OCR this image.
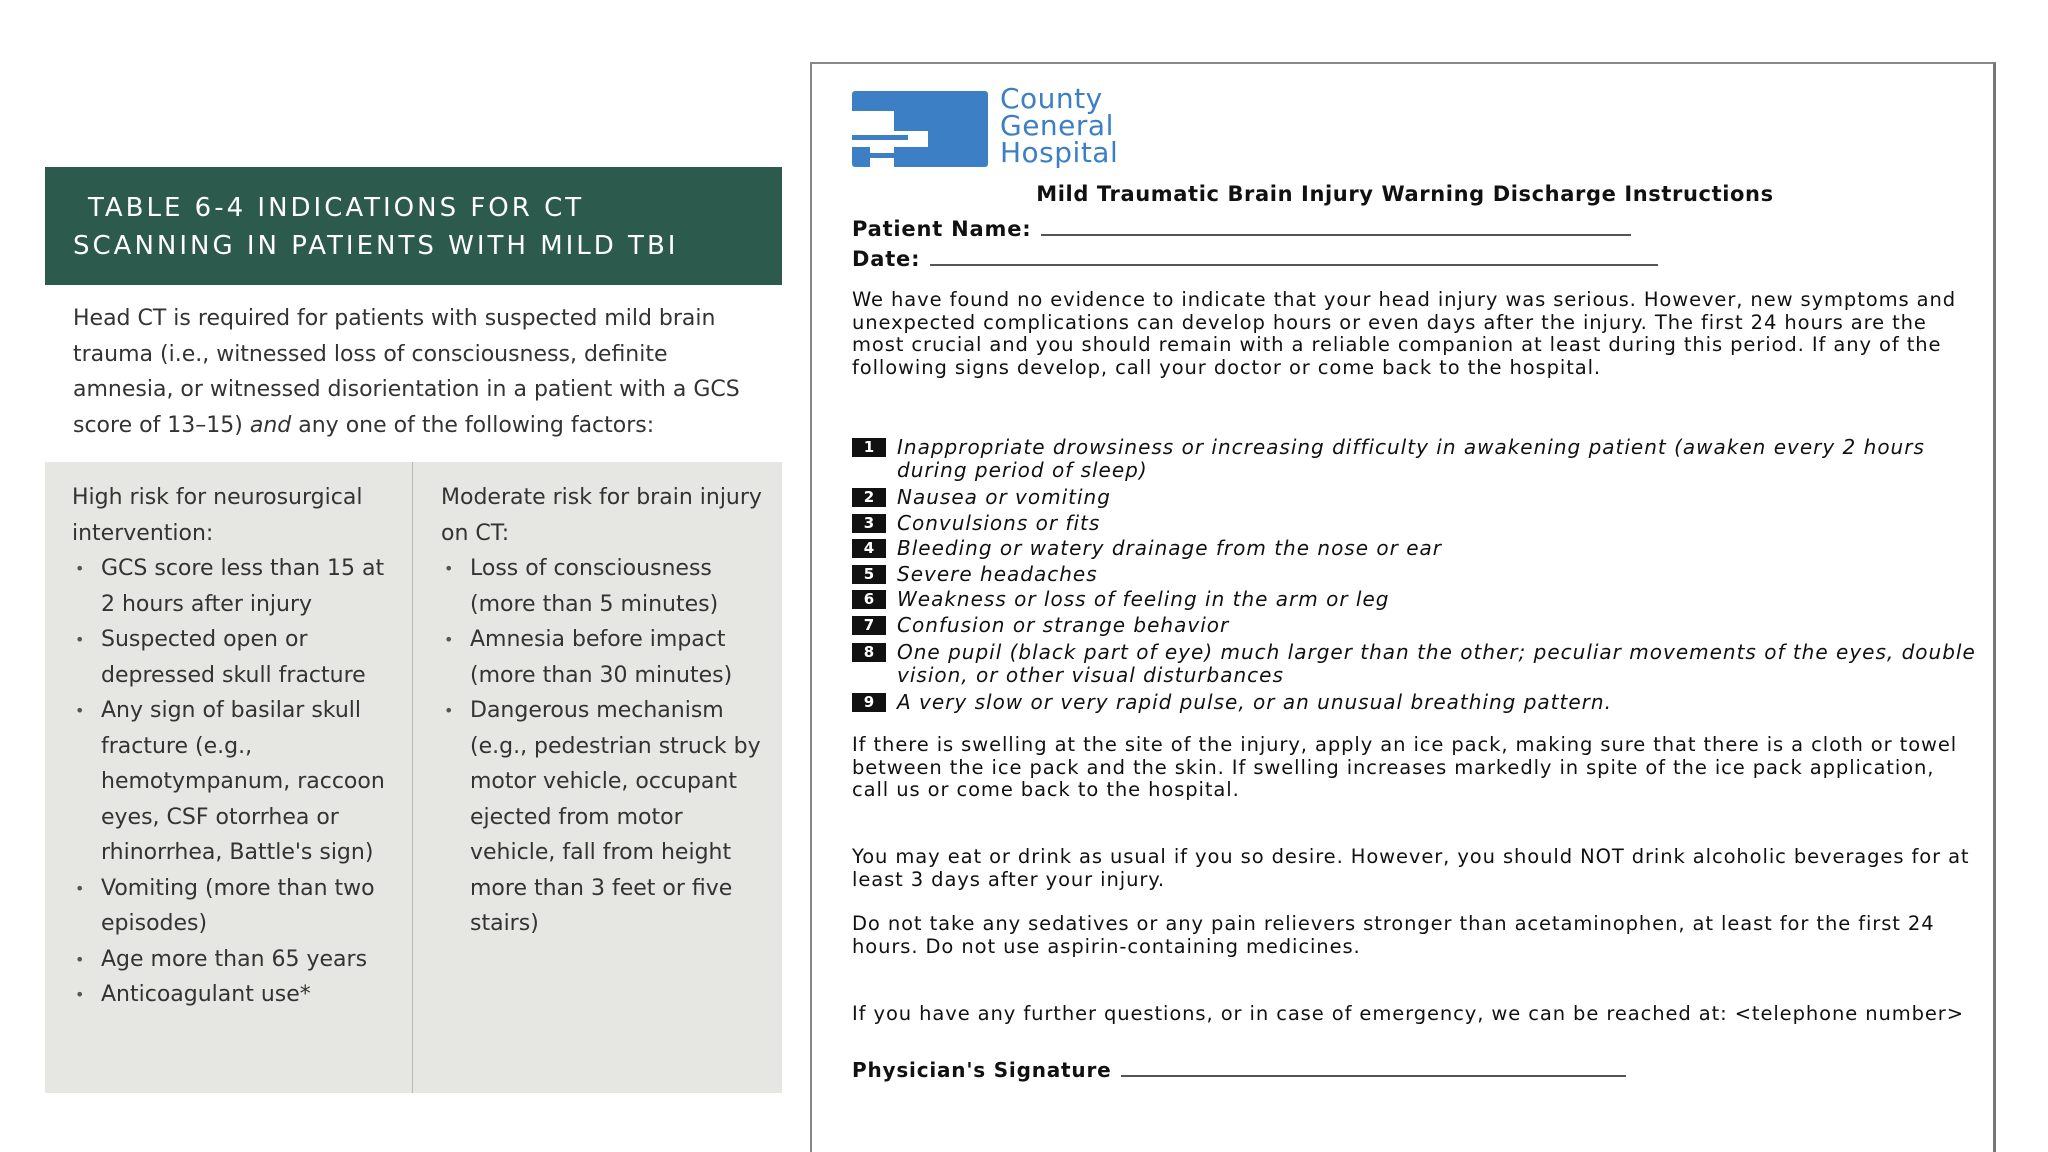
TABLE 6-4 INDICATIONS FOR CT
SCANNING IN PATIENTS WITH MILD TBI
Head CT is required for patients with suspected mild brain trauma (i.e., witnessed loss of consciousness, definite amnesia, or witnessed disorientation in a patient with a GCS score of 13–15) and any one of the following factors:
High risk for neurosurgical intervention:
• GCS score less than 15 at 2 hours after injury
• Suspected open or depressed skull fracture
• Any sign of basilar skull fracture (e.g., hemotympanum, raccoon eyes, CSF otorrhea or rhinorrhea, Battle's sign)
• Vomiting (more than two episodes)
• Age more than 65 years
• Anticoagulant use*
Moderate risk for brain injury on CT:
• Loss of consciousness (more than 5 minutes)
• Amnesia before impact (more than 30 minutes)
• Dangerous mechanism (e.g., pedestrian struck by motor vehicle, occupant ejected from motor vehicle, fall from height more than 3 feet or five stairs)
County
General
Hospital
Mild Traumatic Brain Injury Warning Discharge Instructions
Patient Name:
Date:
We have found no evidence to indicate that your head injury was serious. However, new symptoms and unexpected complications can develop hours or even days after the injury. The first 24 hours are the most crucial and you should remain with a reliable companion at least during this period. If any of the following signs develop, call your doctor or come back to the hospital.
1	Inappropriate drowsiness or increasing difficulty in awakening patient (awaken every 2 hours during period of sleep)
2	Nausea or vomiting
3	Convulsions or fits
4	Bleeding or watery drainage from the nose or ear
5	Severe headaches
6	Weakness or loss of feeling in the arm or leg
7	Confusion or strange behavior
8	One pupil (black part of eye) much larger than the other; peculiar movements of the eyes, double vision, or other visual disturbances
9	A very slow or very rapid pulse, or an unusual breathing pattern.
If there is swelling at the site of the injury, apply an ice pack, making sure that there is a cloth or towel between the ice pack and the skin. If swelling increases markedly in spite of the ice pack application, call us or come back to the hospital.
You may eat or drink as usual if you so desire. However, you should NOT drink alcoholic beverages for at least 3 days after your injury.
Do not take any sedatives or any pain relievers stronger than acetaminophen, at least for the first 24 hours. Do not use aspirin-containing medicines.
If you have any further questions, or in case of emergency, we can be reached at: <telephone number>
Physician's Signature
